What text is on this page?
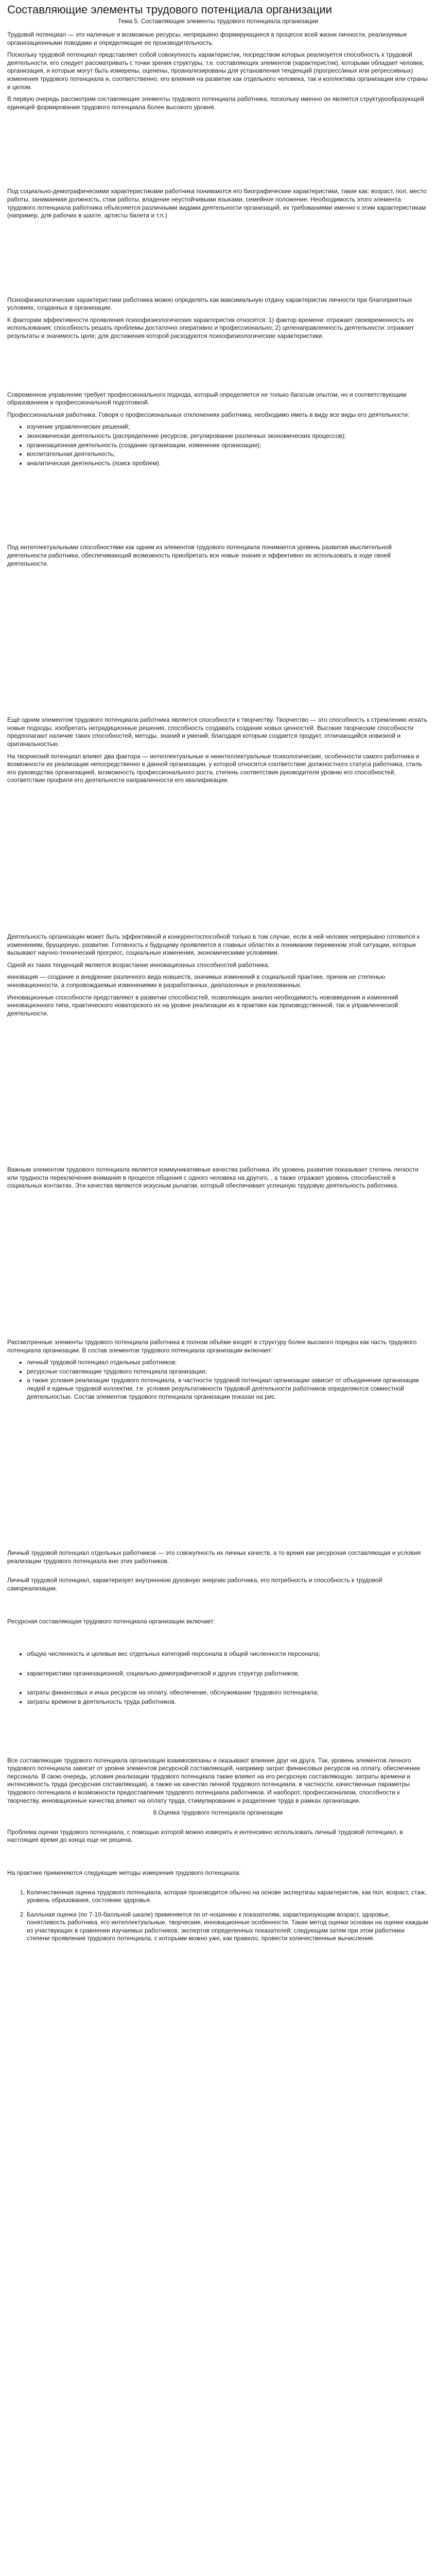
Составляющие элементы трудового потенциала организации
Тема 5. Составляющие элементы трудового потенциала организации

Трудовой потенциал — это наличные и возможные ресурсы, непрерывно формирующиеся в процессе всей жизни личности, реализуемые организационными поводами и определяющие ее производительность.

Поскольку трудовой потенциал представляет собой совокупность характеристик, посредством которых реализуется способность к трудовой деятельности, его следует рассматривать с точки зрения структуры, т.е. составляющих элементов (характеристик), которыми обладает человек, организация, и которые могут быть измерены, оценены, проанализированы для установления тенденций (прогресс/иных или регрессивных) изменения трудового потенциала и, соответственно, его влияния на развитие как отдельного человека, так и коллектива организации или страны в целом.

В первую очередь рассмотрим составляющие элементы трудового потенциала работника, поскольку именно он является структурообразующей единицей формирования трудового потенциала более высокого уровня.

Под социально-демографическими характеристиками работника понимаются его биографические характеристики, такие как: возраст, пол, место работы, занимаемая должность, стаж работы, владение неустойчивыми языками, семейное положение. Необходимость этого элемента трудового потенциала работника объясняется различными видами деятельности организаций, их требованиями именно к этим характеристикам (например, для рабочих в шахте, артисты балета и т.п.)

Психофизиологические характеристики работника можно определять как максимальную отдачу характеристик личности при благоприятных условиях, созданных в организации.

К факторам эффективности проявления психофизиологических характеристик относятся: 1) фактор времени: отражает своевременность их использования; способность решать проблемы достаточно оперативно и профессионально; 2) целенаправленность деятельности: отражает результаты и значимость целе; для достижения которой расходуются психофизиологические характеристики.

Современное управление требует профессионального подхода, который определяется не только багатым опытом, но и соответствующим образованием и профессиональной подготовкой.

Профессиональная работника. Говоря о профессиональных отклонениях работника, необходимо иметь в виду все виды его деятельности:

• изучение управленческих решений;
• экономическая деятельность (распределение ресурсов, регулирование различных экономических процессов);
• организационная деятельность (создание организации, изменение организации);
• воспитательная деятельность;
• аналитическая деятельность (поиск проблем).

Под интеллектуальными способностями как одним из элементов трудового потенциала понимается уровень развития мыслительной деятельности работника, обеспечивающий возможность приобретать все новые знания и эффективно их использовать в ходе своей деятельности.

Ещё одним элементом трудового потенциала работника является способности к творчеству. Творчество — это способность к стремлению искать новые подходы, изобретать нетрадиционные решения, способность создавать создание новых ценностей. Высокие творческие способности предполагают наличие таких способностей, методы, знаний и умений, благодаря которым создается продукт, отличающийся новизной и оригинальностью.

На творческий потенциал влияет два фактора — интеллектуальные и неинтеллектуальные психологические, особенности самого работника и возможности их реализации непосредственно в данной организации, у которой относятся соответствие должностного статуса работника, стиль его руководства организацией, возможность профессионального роста, степень соответствия руководителя уровню его способностей, соответствие профиля его деятельности направленности его квалификации.

Деятельность организации может быть эффективной и конкурентоспособной только в том случае, если в ней человек непрерывно готовился к изменениям, брущерную, развитие. Готовность к будущему проявляется в главных областях в понимании переменом этой ситуации, которые вызывают научно-технический прогресс, социальные изменения, экономическими условиями.

Одной из таких тенденций является возрастание инновационных способностей работника.

инновация — создание и внедрение различного вида новшеств, значимых изменений в социальной практике, причем не степенью инновационности, а сопровождаемые изменениями в разработанных, диапазонных и реализованных.

Инновационные способности представляют в развитии способностей, позволяющих анализ необходимость нововведения и изменений инновационного типа, практического новаторского их на уровне реализации их в практике как производственной, так и управленческой деятельности.

Важным элементом трудового потенциала является коммуникативные качества работника. Их уровень развития показывает степень легкости или трудности переключения внимания в процессе общения с одного человека на другого, , а также отражает уровень способностей в социальных контактах. Эти качества являются искусным рычагом, который обеспечивает успешную трудовую деятельность работника.

Рассмотренные элементы трудового потенциала работника в полном объёме входят в структуру более высокого порядка как часть трудового потенциала организации. В состав элементов трудового потенциала организации включает:

• личный трудовой потенциал отдельных работников;
• ресурсные составляющие трудового потенциала организации;
• а также условия реализации трудового потенциала, в частности трудовой потенциал организации зависит от объединения организации людей в единые трудовой коллектив, т.е. условия результативности трудовой деятельности работников определяются совместной деятельностью. Состав элементов трудового потенциала организации показан на рис.

Личный трудовой потенциал отдельных работников — это совокупность их личных качеств, а то время как ресурсная составляющая и условия реализации трудового потенциала вне этих работников.

Личный трудовой потенциал, характеризует внутреннюю духовную энергию работника, его потребность и способность к трудовой самореализации.

Ресурсная составляющая трудового потенциала организации включает:

• общую численность и целевые вес отдельных категорий персонала в общей численности персонала;
• характеристики организационной, социально-демографической и других структур работников;
• затраты финансовых и иных ресурсов на оплату, обеспечение, обслуживание трудового потенциала;
• затраты времени в деятельность труда работников.

Все составляющие трудового потенциала организации взаимосвязаны и оказывают влияние друг на друга. Так, уровень элементов личного трудового потенциала зависит от уровня элементов ресурсной составляющей, например затрат финансовых ресурсов на оплату, обеспечение персонала. В свою очередь, условия реализации трудового потенциала также влияют на его ресурсную составляющую. затраты времени и интенсивность труда (ресурсная составляющая), а также на качество личной трудового потенциала. в частности, качественные параметры трудового потенциала и возможности предоставления трудового потенциала работников. И наоборот, профессионализм, способности к творчеству, инновационные качества влияют на оплату труда, стимулирование и разделение труда в рамках организации.

8.Оценка трудового потенциала организации

Проблема оценки трудового потенциала, с помощью которой можно измерить и интенсивно использовать личный трудовой потенциал, в настоящее время до конца еще не решена.

На практике применяются следующие методы измерения трудового потенциала:

1. Количественная оценка трудового потенциала, которая производится обычно на основе экспертизы характеристик, как пол, возраст, стаж, уровень образования, состояние здоровья.
2. Балльная оценка (по 7-10-балльной шкале) применяется по от-ношению к показателям, характеризующим возраст, здоровье, понятливость работника, его интеллектуальные, творческие, инновационные особенности. Такие метод оценки основан на оценке каждым из участвующих в сравнении изучаемых работников, экспертов определенных показателей; следующим затем при этом работники степени проявления трудового потенциала, с которыми можно уже, как правило, провести количественные вычисления.
